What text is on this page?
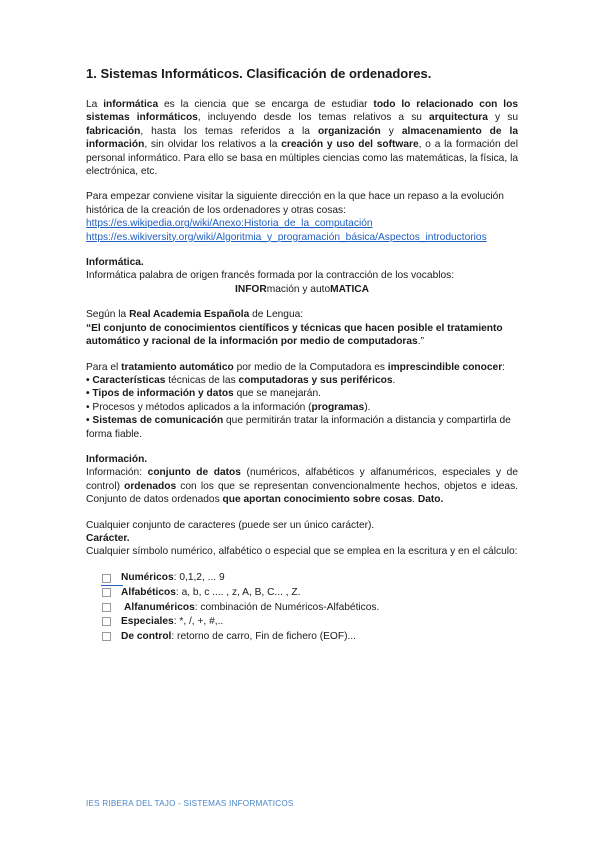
1. Sistemas Informáticos. Clasificación de ordenadores.

La informática es la ciencia que se encarga de estudiar todo lo relacionado con los sistemas informáticos, incluyendo desde los temas relativos a su arquitectura y su fabricación, hasta los temas referidos a la organización y almacenamiento de la información, sin olvidar los relativos a la creación y uso del software, o a la formación del personal informático. Para ello se basa en múltiples ciencias como las matemáticas, la física, la electrónica, etc.

Para empezar conviene visitar la siguiente dirección en la que hace un repaso a la evolución histórica de la creación de los ordenadores y otras cosas:

https://es.wikipedia.org/wiki/Anexo:Historia_de_la_computación

https://es.wikiversity.org/wiki/Algoritmia_y_programación_básica/Aspectos_introductorios

Informática.

Informática palabra de origen francés formada por la contracción de los vocablos:

INFORmación y autoMATICA

Según la Real Academia Española de Lengua:

“El conjunto de conocimientos científicos y técnicas que hacen posible el tratamiento automático y racional de la información por medio de computadoras.”

Para el tratamiento automático por medio de la Computadora es imprescindible conocer:

• Características técnicas de las computadoras y sus periféricos.

• Tipos de información y datos que se manejarán.

• Procesos y métodos aplicados a la información (programas).

• Sistemas de comunicación que permitirán tratar la información a distancia y compartirla de forma fiable.

Información.

Información: conjunto de datos (numéricos, alfabéticos y alfanuméricos, especiales y de control) ordenados con los que se representan convencionalmente hechos, objetos e ideas. Conjunto de datos ordenados que aportan conocimiento sobre cosas. Dato.

Cualquier conjunto de caracteres (puede ser un único carácter).

Carácter.

Cualquier símbolo numérico, alfabético o especial que se emplea en la escritura y en el cálculo:

Numéricos : 0,1,2, ... 9
Alfabéticos : a, b, c .... , z, A, B, C... , Z.
Alfanuméricos : combinación de Numéricos-Alfabéticos.
Especiales : *, /, +, #,..
De control : retorno de carro, Fin de fichero (EOF)...
IES RIBERA DEL TAJO - SISTEMAS INFORMATICOS
